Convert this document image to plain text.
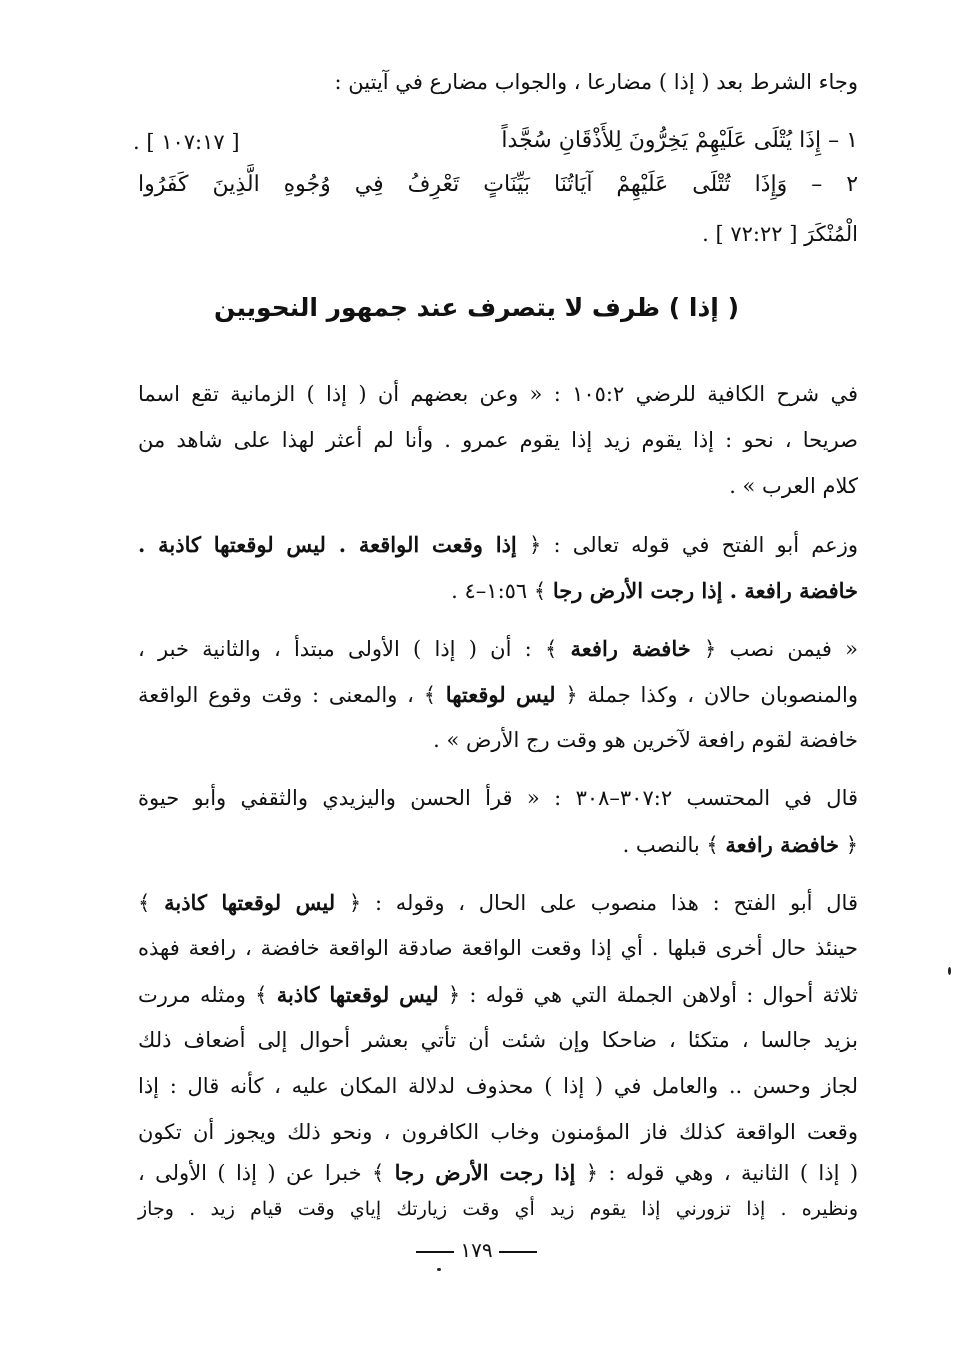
وجاء الشرط بعد ( إذا ) مضارعا ، والجواب مضارع في آيتين :
١ – إِذَا يُتْلَى عَلَيْهِمْ يَخِرُّونَ لِلأَذْقَانِ سُجَّداً
[ ١٠٧:١٧ ] .
٢ – وَإِذَا تُتْلَى عَلَيْهِمْ آيَاتُنَا بَيِّنَاتٍ تَعْرِفُ فِي وُجُوهِ الَّذِينَ كَفَرُوا
الْمُنْكَرَ [ ٧٢:٢٢ ] .
( إذا ) ظرف لا يتصرف عند جمهور النحويين
في شرح الكافية للرضي ١٠٥:٢ : « وعن بعضهم أن ( إذا ) الزمانية تقع اسما
صريحا ، نحو : إذا يقوم زيد إذا يقوم عمرو . وأنا لم أعثر لهذا على شاهد من
كلام العرب » .
وزعم أبو الفتح في قوله تعالى : ﴿ إذا وقعت الواقعة . ليس لوقعتها كاذبة .
خافضة رافعة . إذا رجت الأرض رجا ﴾ ١:٥٦–٤ .
« فيمن نصب ﴿ خافضة رافعة ﴾ : أن ( إذا ) الأولى مبتدأ ، والثانية خبر ،
والمنصوبان حالان ، وكذا جملة ﴿ ليس لوقعتها ﴾ ، والمعنى : وقت وقوع الواقعة
خافضة لقوم رافعة لآخرين هو وقت رج الأرض » .
قال في المحتسب ٣٠٧:٢–٣٠٨ : « قرأ الحسن واليزيدي والثقفي وأبو حيوة
﴿ خافضة رافعة ﴾ بالنصب .
قال أبو الفتح : هذا منصوب على الحال ، وقوله : ﴿ ليس لوقعتها كاذبة ﴾
حينئذ حال أخرى قبلها . أي إذا وقعت الواقعة صادقة الواقعة خافضة ، رافعة فهذه
ثلاثة أحوال : أولاهن الجملة التي هي قوله : ﴿ ليس لوقعتها كاذبة ﴾ ومثله مررت
بزيد جالسا ، متكئا ، ضاحكا وإن شئت أن تأتي بعشر أحوال إلى أضعاف ذلك
لجاز وحسن .. والعامل في ( إذا ) محذوف لدلالة المكان عليه ، كأنه قال : إذا
وقعت الواقعة كذلك فاز المؤمنون وخاب الكافرون ، ونحو ذلك ويجوز أن تكون
( إذا ) الثانية ، وهي قوله : ﴿ إذا رجت الأرض رجا ﴾ خبرا عن ( إذا ) الأولى ،
ونظيره . إذا تزورني إذا يقوم زيد أي وقت زيارتك إياي وقت قيام زيد . وجاز
١٧٩
